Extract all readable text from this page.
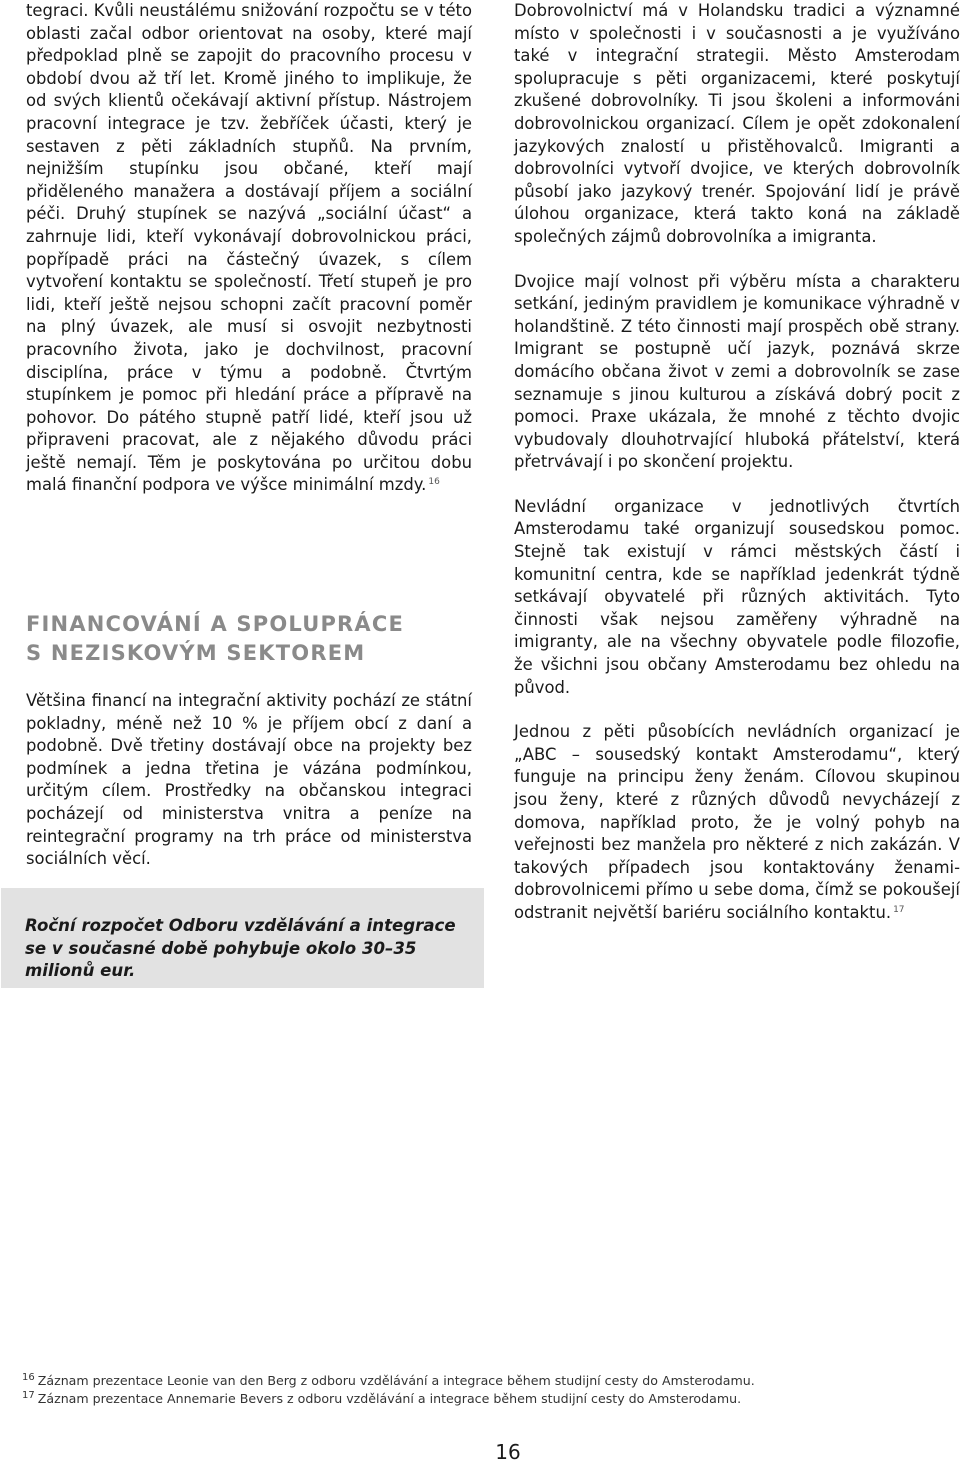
tegraci. Kvůli neustálému snižování rozpočtu se v této oblasti začal odbor orientovat na osoby, které mají předpoklad plně se zapojit do pracovního procesu v období dvou až tří let. Kromě jiného to implikuje, že od svých klientů očekávají aktivní přístup. Nástrojem pracovní integrace je tzv. žebříček účasti, který je sestaven z pěti základních stupňů. Na prvním, nejnižším stupínku jsou občané, kteří mají přiděleného manažera a dostávají příjem a sociální péči. Druhý stupínek se nazývá „sociální účast“ a zahrnuje lidi, kteří vykonávají dobrovolnickou práci, popřípadě práci na částečný úvazek, s cílem vytvoření kontaktu se společností. Třetí stupeň je pro lidi, kteří ještě nejsou schopni začít pracovní poměr na plný úvazek, ale musí si osvojit nezbytnosti pracovního života, jako je dochvilnost, pracovní disciplína, práce v týmu a podobně. Čtvrtým stupínkem je pomoc při hledání práce a přípravě na pohovor. Do pátého stupně patří lidé, kteří jsou už připraveni pracovat, ale z nějakého důvodu práci ještě nemají. Těm je poskytována po určitou dobu malá finanční podpora ve výšce minimální mzdy. $^{16}$

FINANCOVÁNÍ A SPOLUPRÁCE
S NEZISKOVÝM SEKTOREM

Většina financí na integrační aktivity pochází ze státní pokladny, méně než 10 % je příjem obcí z daní a podobně. Dvě třetiny dostávají obce na projekty bez podmínek a jedna třetina je vázána podmínkou, určitým cílem. Prostředky na občanskou integraci pocházejí od ministerstva vnitra a peníze na reintegrační programy na trh práce od ministerstva sociálních věcí.

Roční rozpočet Odboru vzdělávání a integrace se v současné době pohybuje okolo 30–35 milionů eur.

Dobrovolnictví má v Holandsku tradici a významné místo v společnosti i v současnosti a je využíváno také v integrační strategii. Město Amsterodam spolupracuje s pěti organizacemi, které poskytují zkušené dobrovolníky. Ti jsou školeni a informováni dobrovolnickou organizací. Cílem je opět zdokonalení jazykových znalostí u přistěhovalců. Imigranti a dobrovolníci vytvoří dvojice, ve kterých dobrovolník působí jako jazykový trenér. Spojování lidí je právě úlohou organizace, která takto koná na základě společných zájmů dobrovolníka a imigranta.

Dvojice mají volnost při výběru místa a charakteru setkání, jediným pravidlem je komunikace výhradně v holandštině. Z této činnosti mají prospěch obě strany. Imigrant se postupně učí jazyk, poznává skrze domácího občana život v zemi a dobrovolník se zase seznamuje s jinou kulturou a získává dobrý pocit z pomoci. Praxe ukázala, že mnohé z těchto dvojic vybudovaly dlouhotrvající hluboká přátelství, která přetrvávají i po skončení projektu.

Nevládní organizace v jednotlivých čtvrtích Amsterodamu také organizují sousedskou pomoc. Stejně tak existují v rámci městských částí i komunitní centra, kde se například jedenkrát týdně setkávají obyvatelé při různých aktivitách. Tyto činnosti však nejsou zaměřeny výhradně na imigranty, ale na všechny obyvatele podle filozofie, že všichni jsou občany Amsterodamu bez ohledu na původ.

Jednou z pěti působících nevládních organizací je „ABC – sousedský kontakt Amsterodamu“, který funguje na principu ženy ženám. Cílovou skupinou jsou ženy, které z různých důvodů nevycházejí z domova, například proto, že je volný pohyb na veřejnosti bez manžela pro některé z nich zakázán. V takových případech jsou kontaktovány ženami-dobrovolnicemi přímo u sebe doma, čímž se pokoušejí odstranit největší bariéru sociálního kontaktu. $^{17}$

$^{16}$ Záznam prezentace Leonie van den Berg z odboru vzdělávání a integrace během studijní cesty do Amsterodamu.
$^{17}$ Záznam prezentace Annemarie Bevers z odboru vzdělávání a integrace během studijní cesty do Amsterodamu.
16
